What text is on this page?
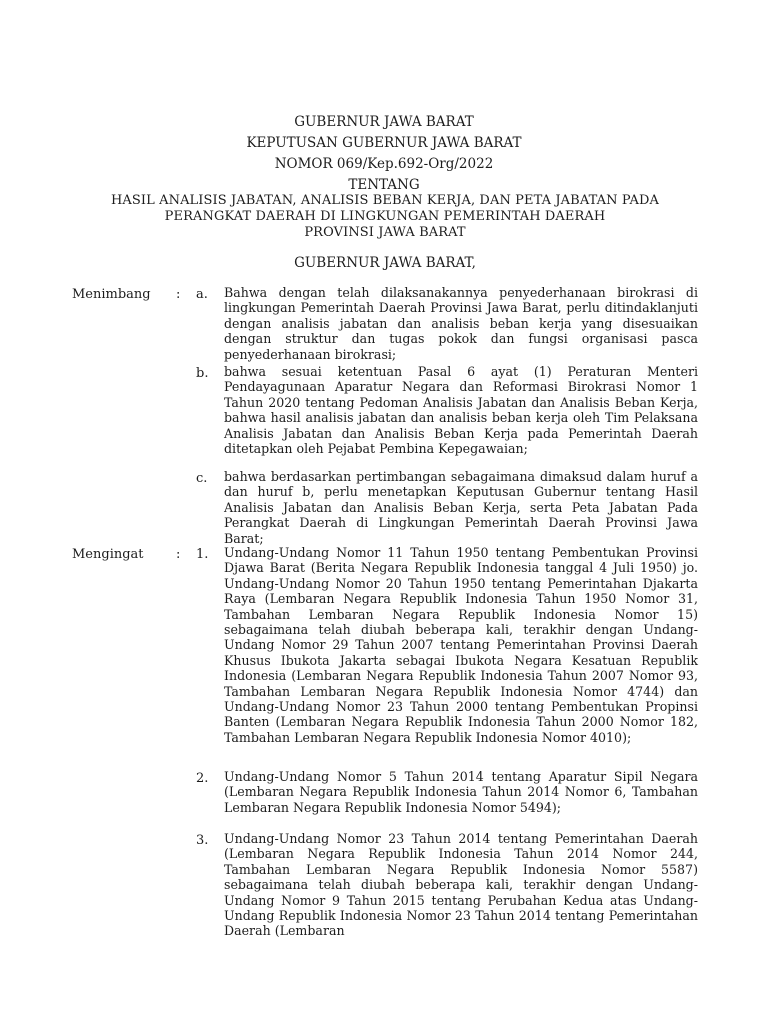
GUBERNUR JAWA BARAT
KEPUTUSAN GUBERNUR JAWA BARAT
NOMOR 069/Kep.692-Org/2022
TENTANG
HASIL ANALISIS JABATAN, ANALISIS BEBAN KERJA, DAN PETA JABATAN PADA
PERANGKAT DAERAH DI LINGKUNGAN PEMERINTAH DAERAH
PROVINSI JAWA BARAT
GUBERNUR JAWA BARAT,
Menimbang : a. Bahwa dengan telah dilaksanakannya penyederhanaan birokrasi di lingkungan Pemerintah Daerah Provinsi Jawa Barat, perlu ditindaklanjuti dengan analisis jabatan dan analisis beban kerja yang disesuaikan dengan struktur dan tugas pokok dan fungsi organisasi pasca penyederhanaan birokrasi;
b. bahwa sesuai ketentuan Pasal 6 ayat (1) Peraturan Menteri Pendayagunaan Aparatur Negara dan Reformasi Birokrasi Nomor 1 Tahun 2020 tentang Pedoman Analisis Jabatan dan Analisis Beban Kerja, bahwa hasil analisis jabatan dan analisis beban kerja oleh Tim Pelaksana Analisis Jabatan dan Analisis Beban Kerja pada Pemerintah Daerah ditetapkan oleh Pejabat Pembina Kepegawaian;
c. bahwa berdasarkan pertimbangan sebagaimana dimaksud dalam huruf a dan huruf b, perlu menetapkan Keputusan Gubernur tentang Hasil Analisis Jabatan dan Analisis Beban Kerja, serta Peta Jabatan Pada Perangkat Daerah di Lingkungan Pemerintah Daerah Provinsi Jawa Barat;
Mengingat : 1. Undang-Undang Nomor 11 Tahun 1950 tentang Pembentukan Provinsi Djawa Barat (Berita Negara Republik Indonesia tanggal 4 Juli 1950) jo. Undang-Undang Nomor 20 Tahun 1950 tentang Pemerintahan Djakarta Raya (Lembaran Negara Republik Indonesia Tahun 1950 Nomor 31, Tambahan Lembaran Negara Republik Indonesia Nomor 15) sebagaimana telah diubah beberapa kali, terakhir dengan Undang-Undang Nomor 29 Tahun 2007 tentang Pemerintahan Provinsi Daerah Khusus Ibukota Jakarta sebagai Ibukota Negara Kesatuan Republik Indonesia (Lembaran Negara Republik Indonesia Tahun 2007 Nomor 93, Tambahan Lembaran Negara Republik Indonesia Nomor 4744) dan Undang-Undang Nomor 23 Tahun 2000 tentang Pembentukan Propinsi Banten (Lembaran Negara Republik Indonesia Tahun 2000 Nomor 182, Tambahan Lembaran Negara Republik Indonesia Nomor 4010);
2. Undang-Undang Nomor 5 Tahun 2014 tentang Aparatur Sipil Negara (Lembaran Negara Republik Indonesia Tahun 2014 Nomor 6, Tambahan Lembaran Negara Republik Indonesia Nomor 5494);
3. Undang-Undang Nomor 23 Tahun 2014 tentang Pemerintahan Daerah (Lembaran Negara Republik Indonesia Tahun 2014 Nomor 244, Tambahan Lembaran Negara Republik Indonesia Nomor 5587) sebagaimana telah diubah beberapa kali, terakhir dengan Undang-Undang Nomor 9 Tahun 2015 tentang Perubahan Kedua atas Undang-Undang Republik Indonesia Nomor 23 Tahun 2014 tentang Pemerintahan Daerah (Lembaran
